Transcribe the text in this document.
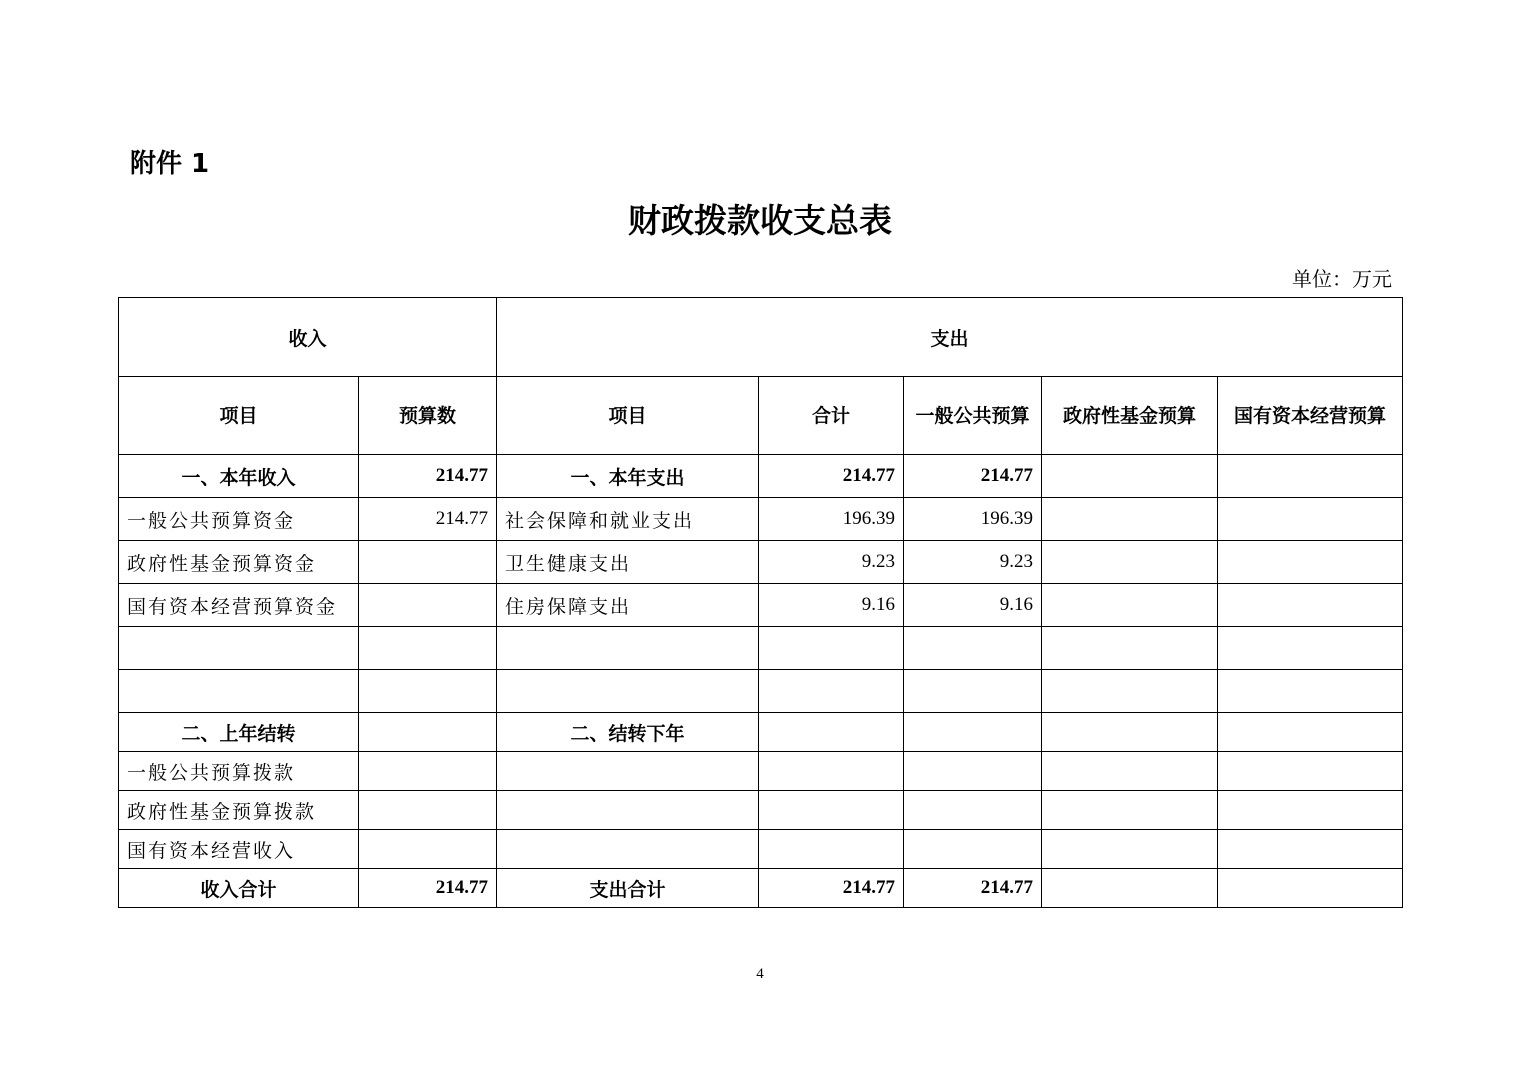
附件 1
财政拨款收支总表
单位：万元
收入		支出				
项目	预算数	项目	合计	一般公共预算	政府性基金预算	国有资本经营预算
一、本年收入	214.77	一、本年支出	214.77	214.77		
一般公共预算资金	214.77	社会保障和就业支出	196.39	196.39		
政府性基金预算资金		卫生健康支出	9.23	9.23		
国有资本经营预算资金		住房保障支出	9.16	9.16		

二、上年结转		二、结转下年				
一般公共预算拨款						
政府性基金预算拨款						
国有资本经营收入						
收入合计	214.77	支出合计	214.77	214.77		
4
